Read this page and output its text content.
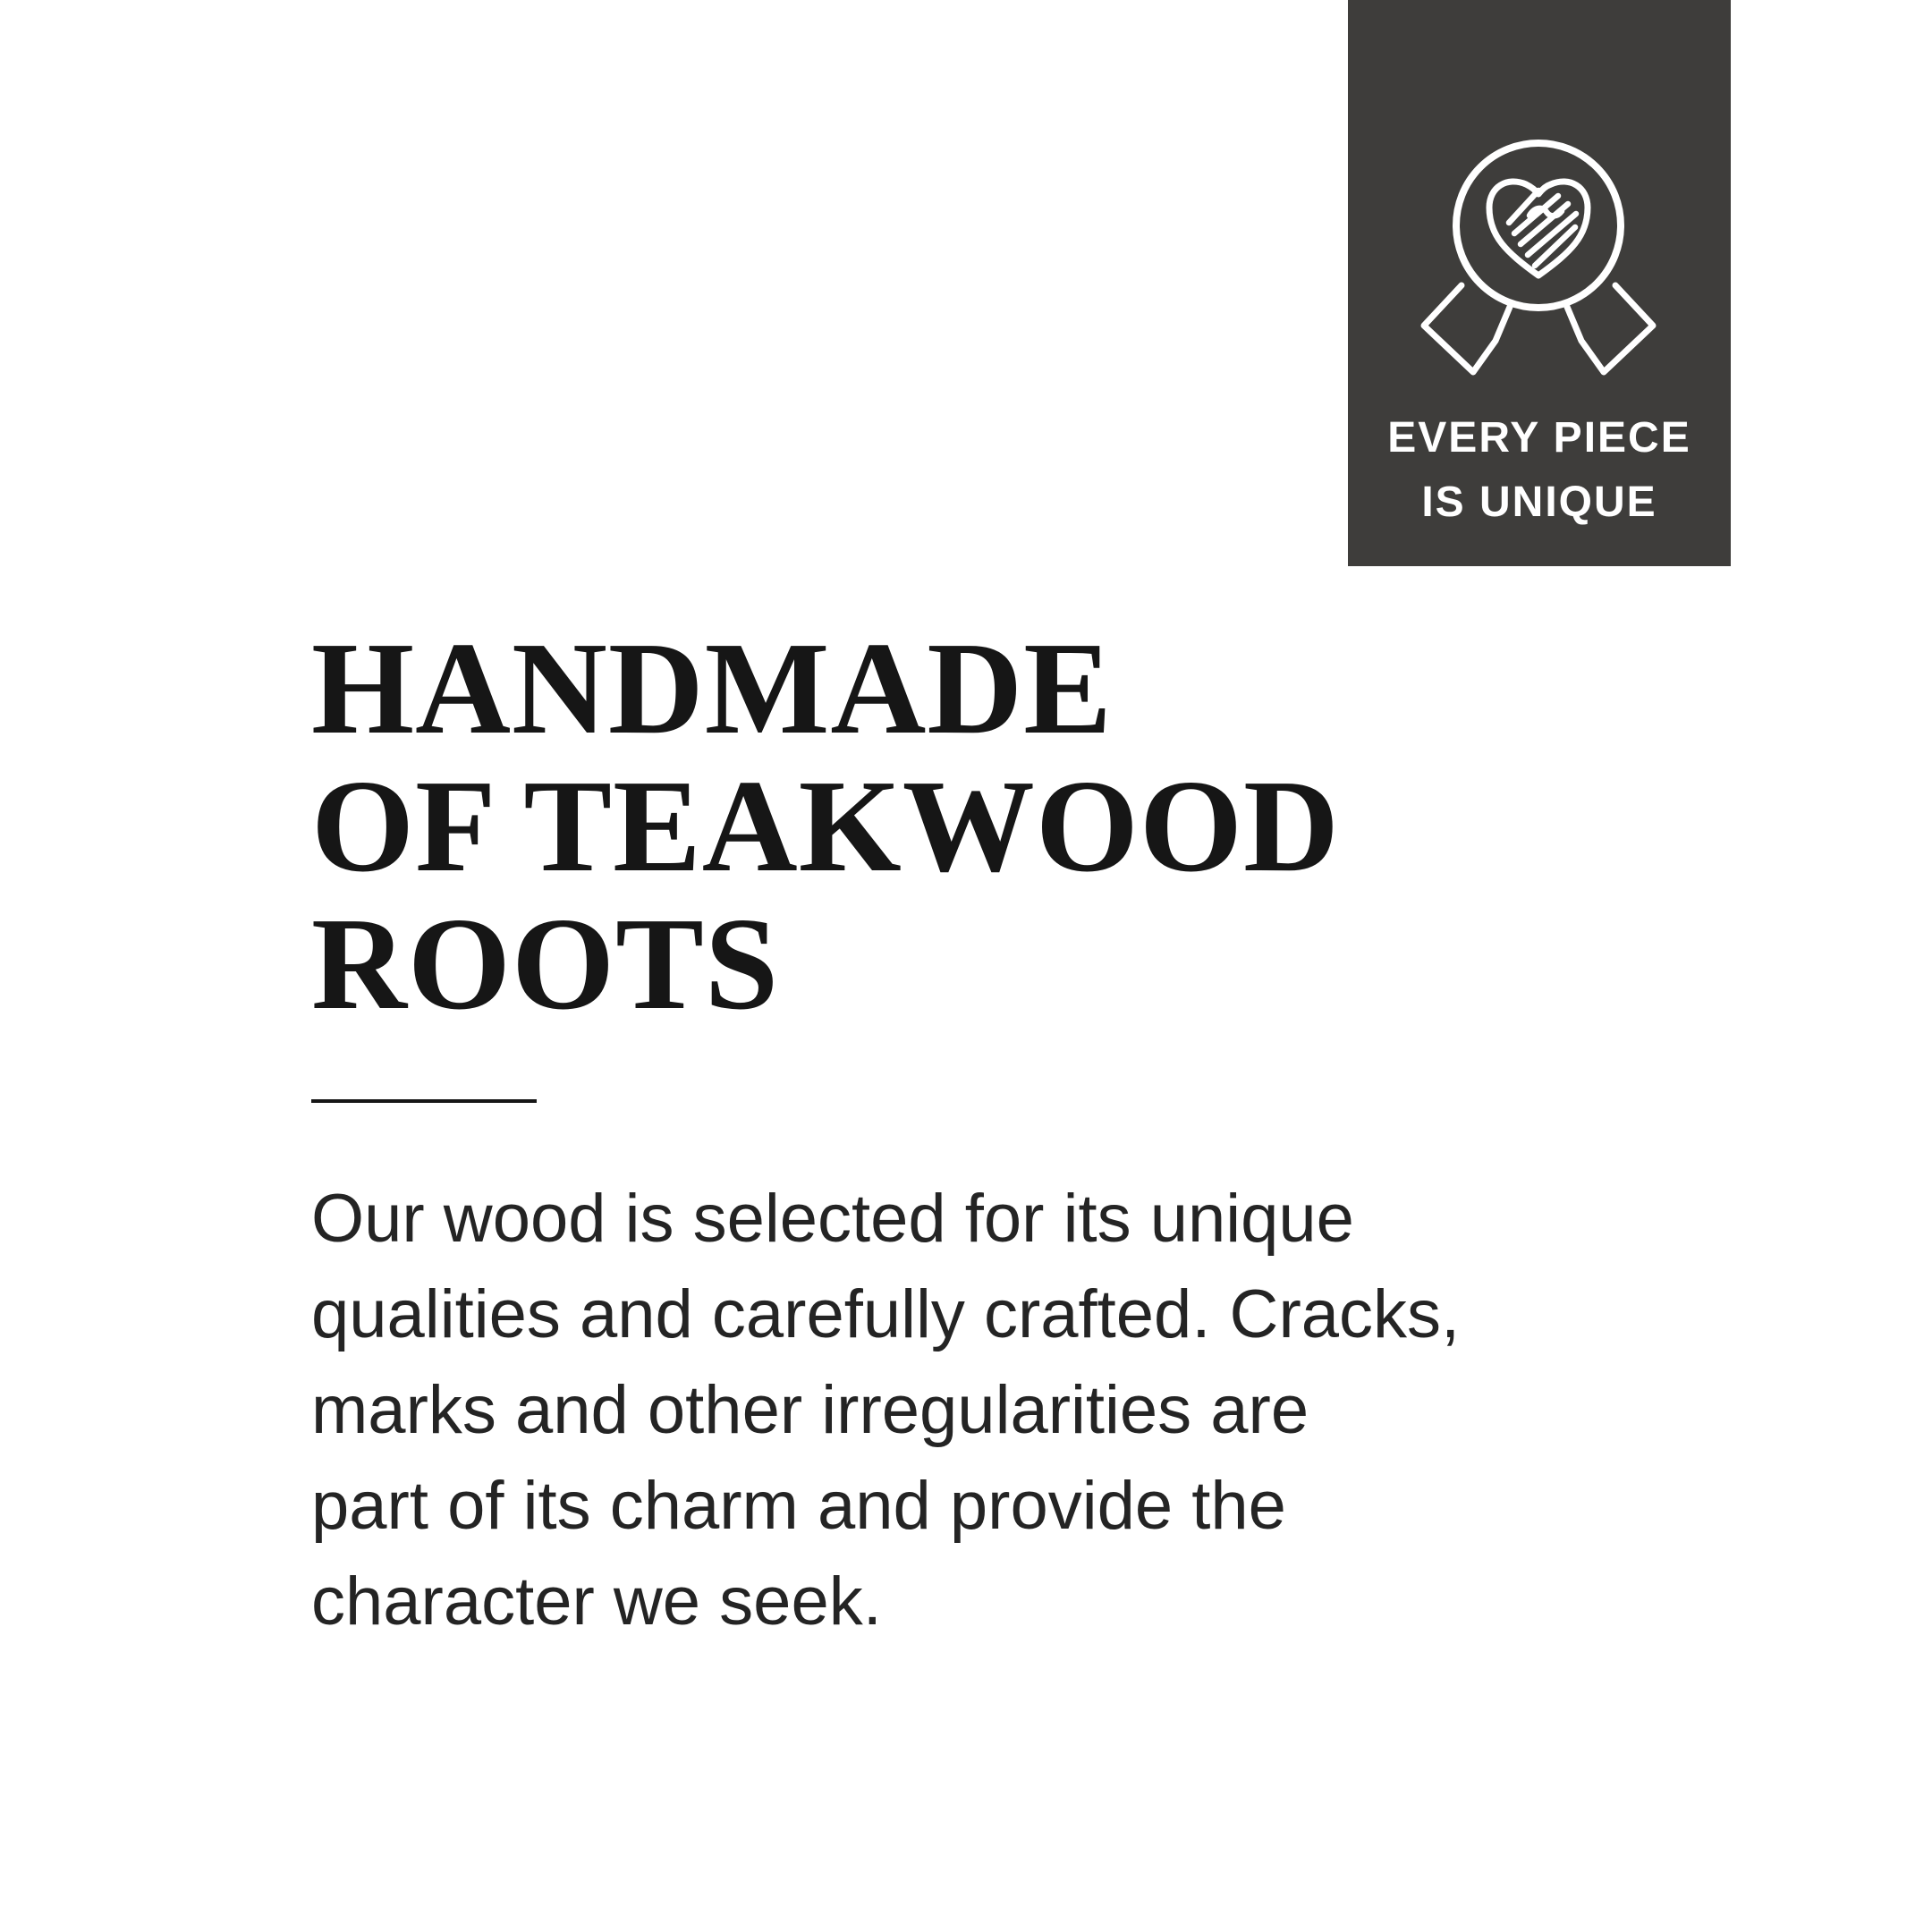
EVERY PIECE
IS UNIQUE
HANDMADE
OF TEAKWOOD
ROOTS
Our wood is selected for its unique
qualities and carefully crafted. Cracks,
marks and other irregularities are
part of its charm and provide the
character we seek.
